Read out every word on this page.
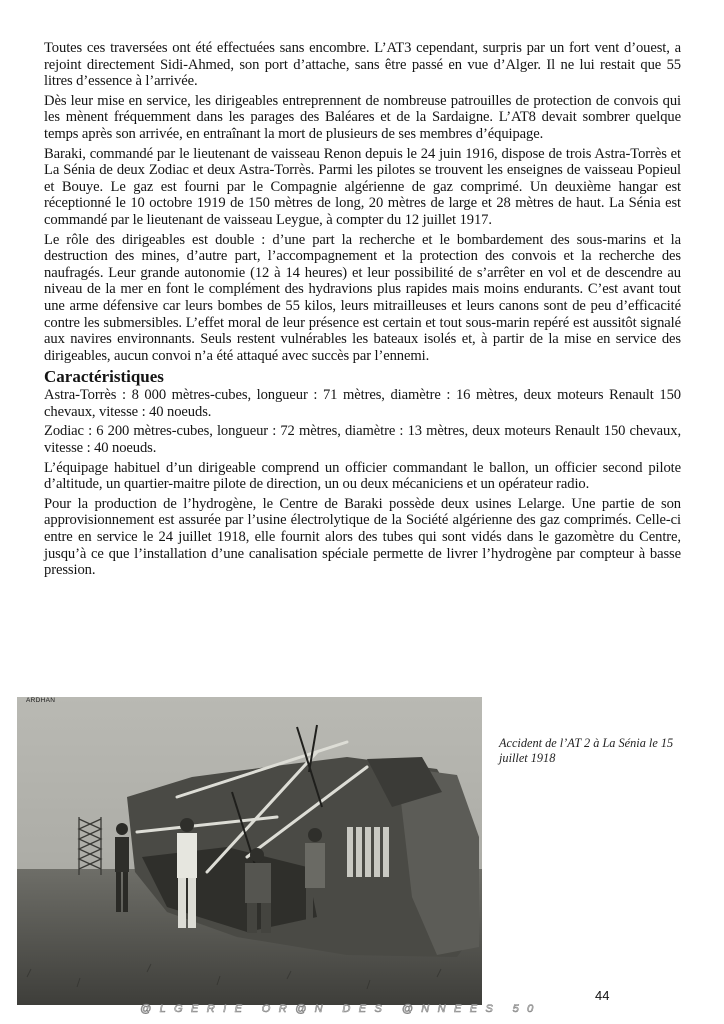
Toutes ces traversées ont été effectuées sans encombre. L’AT3 cependant, surpris par un fort vent d’ouest, a rejoint directement Sidi-Ahmed, son port d’attache, sans être passé en vue d’Alger. Il ne lui restait que 55 litres d’essence à l’arrivée.

Dès leur mise en service, les dirigeables entreprennent de nombreuse patrouilles de protection de convois qui les mènent fréquemment dans les parages des Baléares et de la Sardaigne. L’AT8 devait sombrer quelque temps après son arrivée, en entraînant la mort de plusieurs de ses membres d’équipage.

Baraki, commandé par le lieutenant de vaisseau Renon depuis le 24 juin 1916, dispose de trois Astra-Torrès et La Sénia de deux Zodiac et deux Astra-Torrès. Parmi les pilotes se trouvent les enseignes de vaisseau Popieul et Bouye. Le gaz est fourni par le Compagnie algérienne de gaz comprimé. Un deuxième hangar est réceptionné le 10 octobre 1919 de 150 mètres de long, 20 mètres de large et 28 mètres de haut. La Sénia est commandé par le lieutenant de vaisseau Leygue, à compter du 12 juillet 1917.

Le rôle des dirigeables est double : d’une part la recherche et le bombardement des sous-marins et la destruction des mines, d’autre part, l’accompagnement et la protection des convois et la recherche des naufragés. Leur grande autonomie (12 à 14 heures) et leur possibilité de s’arrêter en vol et de descendre au niveau de la mer en font le complément des hydravions plus rapides mais moins endurants. C’est avant tout une arme défensive car leurs bombes de 55 kilos, leurs mitrailleuses et leurs canons sont de peu d’efficacité contre les submersibles. L’effet moral de leur présence est certain et tout sous-marin repéré est aussitôt signalé aux navires environnants. Seuls restent vulnérables les bateaux isolés et, à partir de la mise en service des dirigeables, aucun convoi n’a été attaqué avec succès par l’ennemi.

Caractéristiques

Astra-Torrès : 8 000 mètres-cubes, longueur : 71 mètres, diamètre : 16 mètres, deux moteurs Renault 150 chevaux, vitesse : 40 noeuds.

Zodiac : 6 200 mètres-cubes, longueur : 72 mètres, diamètre : 13 mètres, deux moteurs Renault 150 chevaux, vitesse : 40 noeuds.

L’équipage habituel d’un dirigeable comprend un officier commandant le ballon, un officier second pilote d’altitude, un quartier-maitre pilote de direction, un ou deux mécaniciens et un opérateur radio.

Pour la production de l’hydrogène, le Centre de Baraki possède deux usines Lelarge. Une partie de son approvisionnement est assurée par l’usine électrolytique de la Société algérienne des gaz comprimés. Celle-ci entre en service le 24 juillet 1918, elle fournit alors des tubes qui sont vidés dans le gazomètre du Centre, jusqu’à ce que l’installation d’une canalisation spéciale permette de livrer l’hydrogène par compteur à basse pression.

ARDHAN
Accident de l’AT 2 à La Sénia le 15 juillet 1918
44
@LGERIE OR@N DES @NNEES 50
